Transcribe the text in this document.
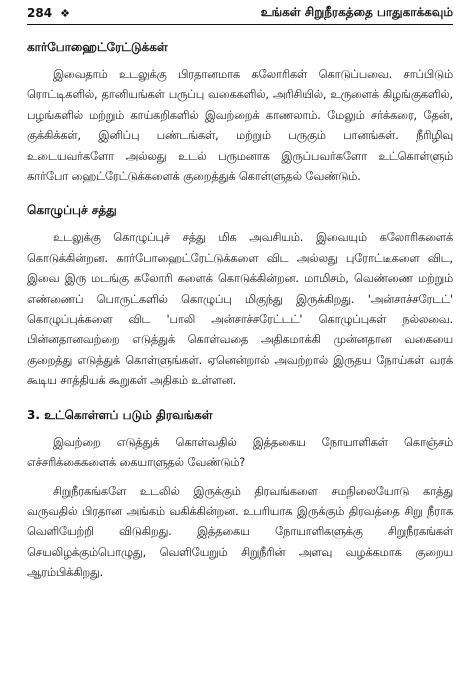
284 ❖	உங்கள் சிறுநீரகத்தை பாதுகாக்கவும்
கார்போஹைட்ரேட்டுக்கள்

இவைதாம் உடலுக்கு பிரதானமாக கலோரிகள் கொடுப்பவை. சாப்பிடும் ரொட்டிகளில், தானியங்கள் பருப்பு வகைகளில், அரிசியில், உருளைக் கிழங்குகளில், பழங்களில் மற்றும் காய்கறிகளில் இவற்றைக் காணலாம். மேலும் சர்க்கரை, தேன், குக்கிக்கள், இனிப்பு பண்டங்கள், மற்றும் பருகும் பானங்கள். நீரிழிவு உடையவர்களோ அல்லது உடல் பருமனாக இருப்பவர்களோ உட்கொள்ளும் கார்போ ஹைட்ரேட்டுக்களைக் குறைத்துக் கொள்ளுதல் வேண்டும்.

கொழுப்புச் சத்து

உடலுக்கு கொழுப்புச் சத்து மிக அவசியம். இவையும் கலோரிகளைக் கொடுக்கின்றன. கார்போஹைட்ரேட்டுக்களை விட அல்லது புரோட்டீகளை விட, இவை இரு மடங்கு கலோரி களைக் கொடுக்கின்றன. மாமிசம், வெண்ணை மற்றும் எண்ணைப் பொருட்களில் கொழுப்பு மிகுந்து இருக்கிறது. 'அன்சாச்சரேடட்' கொழுப்புக்களை விட 'பாலி அன்சாச்சரேட்டட்' கொழுப்புகள் நல்லவை. பின்னதானவற்றை எடுத்துக் கொள்வதை அதிகமாக்கி முன்னதான வகையை குறைத்து எடுத்துக் கொள்ளுங்கள். ஏனென்றால் அவற்றால் இருதய நோய்கள் வரக் கூடிய சாத்தியக் கூறுகள் அதிகம் உள்ளன.

3. உட்கொள்ளப் படும் திரவங்கள்

இவற்றை எடுத்துக் கொள்வதில் இத்தகைய நோயாளிகள் கொஞ்சம் எச்சரிக்கைகளைக் கையாளுதல் வேண்டும்?

சிறுநீரகங்களே உடலில் இருக்கும் திரவங்களை சமநிலையோடு காத்து வருவதில் பிரதான அங்கம் வகிக்கின்றன. உபரியாக இருக்கும் திரவத்தை சிறு நீராக வெளியேற்றி விடுகிறது. இத்தகைய நோயாளிகளுக்கு சிறுநீரகங்கள் செயலிழக்கும்பொழுது, வெளியேறும் சிறுநீரின் அளவு வழக்கமாக குறைய ஆரம்பிக்கிறது.
